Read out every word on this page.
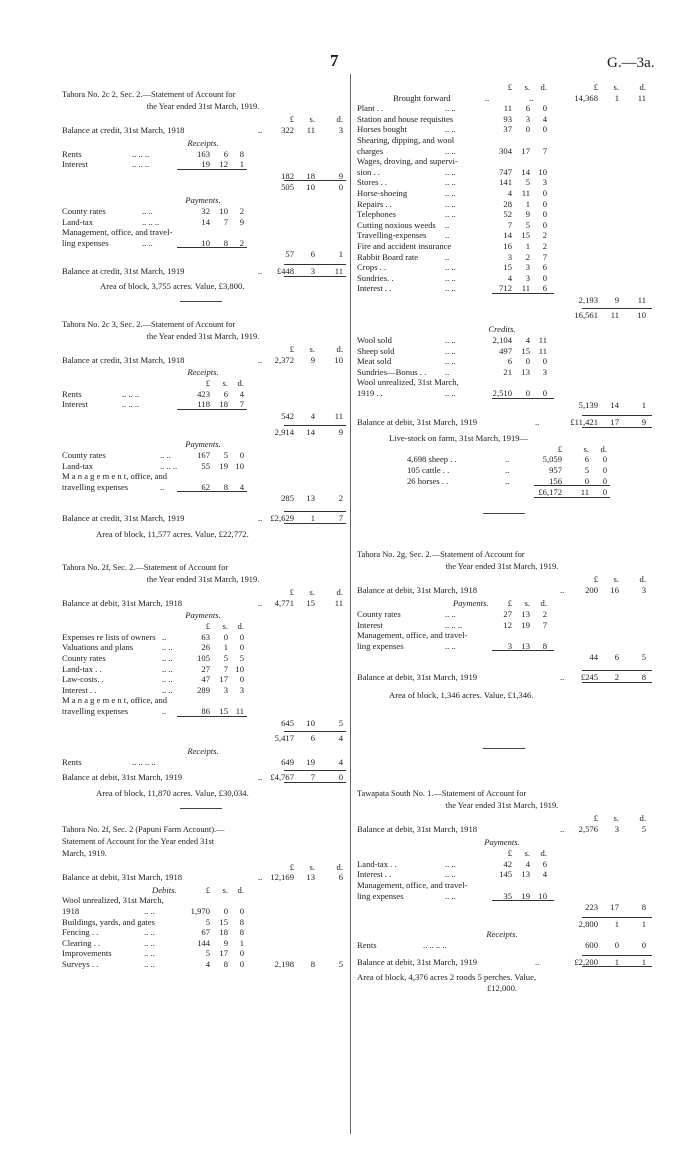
7	G.—3a.
Tahora No. 2c 2, Sec. 2.—Statement of Account for
the Year ended 31st March, 1919.
£ s.	d.
Balance at credit, 31st March, 1918	.. 322 11	3
Receipts.
Rents	.. .. ..	163 6 8
Interest	.. .. ..	19 12 1
182 18	9
505 10	0
Payments.
County rates	.. ..	32 10 2
Land-tax	.. .. ..	14 7 9
Management, office, and travel-
ling expenses	.. ..	10 8 2
57 6	1
Balance at credit, 31st March, 1919	.. £448 3 11
Area of block, 3,755 acres. Value, £3,800.
Tahora No. 2c 3, Sec. 2.—Statement of Account for
the Year ended 31st March, 1919.
£ s.	d.
Balance at credit, 31st March, 1918	.. 2,372 9 10
Receipts.
£ s. d.
Rents	.. .. ..	423 6 4
Interest	.. .. ..	118 18 7
542 4 11
2,914 14	9
Payments.
County rates	.. ..	167 5 0
Land-tax	.. .. ..	55 19 10
M a n a g e m e n t, office, and
travelling expenses	..	62 8 4
285 13	2
Balance at credit, 31st March, 1919	.. £2,629 1	7
Area of block, 11,577 acres. Value, £22,772.
Tahora No. 2f, Sec. 2.—Statement of Account for
the Year ended 31st March, 1919.
£ s.	d.
Balance at debit, 31st March, 1918	.. 4,771 15 11
Payments.
£ s. d.
Expenses re lists of owners ..	63 0 0
Valuations and plans	.. ..	26 1 0
County rates	.. ..	105 5 5
Land-tax . .	.. ..	27 7 10
Law-costs. .	.. ..	47 17 0
Interest . .	.. ..	289 3 3
M a n a g e m e n t, office, and
travelling expenses	..	86 15 11
645 10	5
5,417 6	4
Receipts.
Rents	.. .. .. ..	649 19	4
Balance at debit, 31st March, 1919	.. £4,767 7	0
Area of block, 11,870 acres. Value, £30,034.
Tahora No. 2f, Sec. 2 (Papuni Farm Account).—
Statement of Account for the Year ended 31st
March, 1919.
£ s.	d.
Balance at debit, 31st March, 1918	.. 12,169 13	6
Debits.	£ s. d.
Wool unrealized, 31st March,
1918	.. ..	1,970 0 0
Buildings, yards, and gates	5 15 8
Fencing . .	.. ..	67 18 8
Clearing . .	.. ..	144 9 1
Improvements	.. ..	5 17 0
Surveys . .	.. ..	4 8 0	2,198 8	5
£ s. d.	£ s. d.
Brought forward	..	14,368 1 11
..
Plant . .	.. ..	11 6 0
Station and house requisites	93 3 4
Horses bought	.. ..	37 0 0
Shearing, dipping, and wool
charges	.. ..	304 17 7
Wages, droving, and supervi-
sion . .	.. ..	747 14 10
Stores . .	.. ..	141 5 3
Horse-shoeing	.. ..	4 11 0
Repairs . .	.. ..	28 1 0
Telephones	.. ..	52 9 0
Cutting noxious weeds ..	7 5 0
Travelling-expenses ..	14 15 2
Fire and accident insurance	16 1 2
Rabbit Board rate	..	3 2 7
Crops . .	.. ..	15 3 6
Sundries. .	.. ..	4 3 0
Interest . .	.. ..	712 11 6
2,193 9 11
16,561 11 10
Credits.
Wool sold	.. ..	2,104 4 11
Sheep sold	.. ..	497 15 11
Meat sold	.. ..	6 0 0
Sundries—Bonus . . ..	21 13 3
Wool unrealized, 31st March,
1919 . .	.. ..	2,510 0 0
5,139 14	1
Balance at debit, 31st March, 1919	..	£11,421 17	9
Live-stock on farm, 31st March, 1919—
£	s. d.
4,698 sheep . .	..	5,059	6 0
105 cattle . .	..	957	5 0
26 horses . .	..	156	0 0
£6,172 11 0
Tahora No. 2g, Sec. 2.—Statement of Account for
the Year ended 31st March, 1919.
£ s. d.
Balance at debit, 31st March, 1918	.. 200 16	3
Payments. £ s. d.
County rates	.. ..	27 13 2
Interest	.. .. ..	12 19 7
Management, office, and travel-
ling expenses	.. ..	3 13 8
44 6	5
Balance at debit, 31st March, 1919	.. £245 2	8
Area of block, 1,346 acres. Value, £1,346.
Tawapata South No. 1.—Statement of Account for
the Year ended 31st March, 1919.
£ s. d.
Balance at debit, 31st March, 1918	.. 2,576 3	5
Payments.
£ s. d.
Land-tax . .	.. ..	42 4 6
Interest . .	.. ..	145 13 4
Management, office, and travel-
ling expenses	.. ..	35 19 10
223 17	8
2,800 1	1
Receipts.
Rents	.. .. .. ..	600 0	0
Balance at debit, 31st March, 1919	..	£2,200 1	1
Area of block, 4,376 acres 2 roods 5 perches. Value,
£12,000.
